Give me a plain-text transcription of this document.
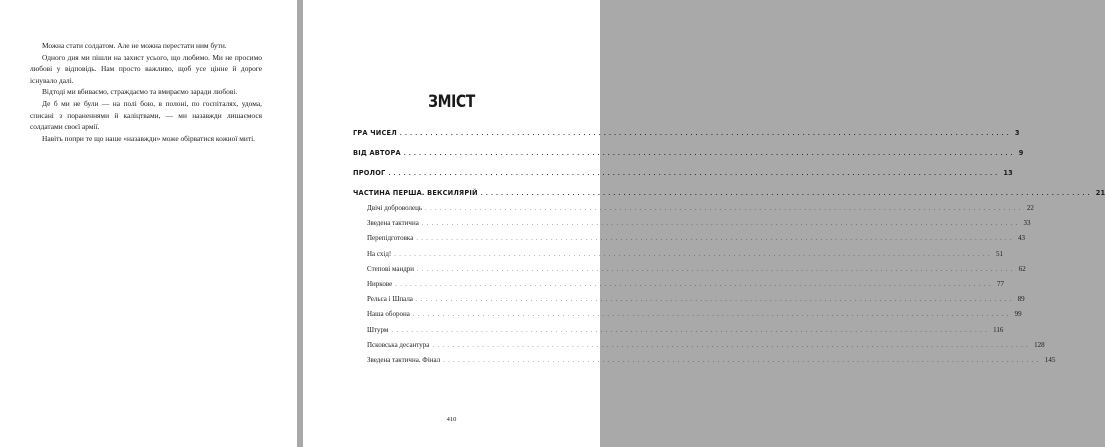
Можна стати солдатом. Але не можна перестати ним бути.

Одного дня ми пішли на захист усього, що любимо. Ми не просимо любові у відповідь. Нам просто важливо, щоб усе цінне й дороге існувало далі.

Відтоді ми вбиваємо, страждаємо та вмираємо заради любові.

Де б ми не були — на полі бою, в полоні, по госпіталях, удома, списані з пораненнями й каліцтвами, — ми назавжди лишаємося солдатами своєї армії.

Навіть попри те що наше «назавжди» може обірватися кожної миті.

ЗМІСТ
ГРА ЧИСЕЛ ........................................................................................................................ 3
ВІД АВТОРА ........................................................................................................................ 9
ПРОЛОГ ........................................................................................................................ 13
ЧАСТИНА ПЕРША. ВЕКСИЛЯРІЙ ........................................................................................................................ 21
Двічі доброволець ........................................................................................................................ 22
Зведена тактична ........................................................................................................................ 33
Перепідготовка ........................................................................................................................ 43
На схід! ........................................................................................................................ 51
Степові мандри ........................................................................................................................ 62
Ниркове ........................................................................................................................ 77
Рельса і Шпала ........................................................................................................................ 89
Наша оборона ........................................................................................................................ 99
Штурм ........................................................................................................................ 116
Псковська десантура ........................................................................................................................ 128
Зведена тактична. Фінал ........................................................................................................................ 145
410
